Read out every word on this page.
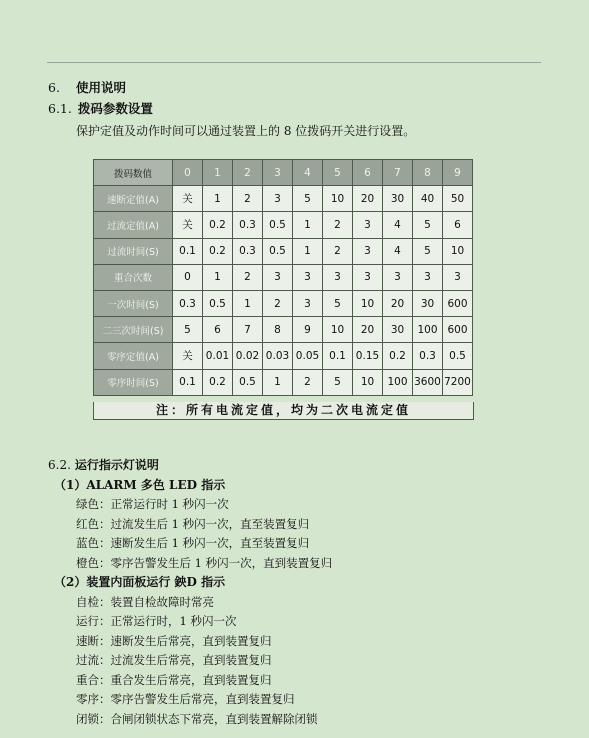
6. 使用说明
6.1. 拨码参数设置
保护定值及动作时间可以通过装置上的 8 位拨码开关进行设置。
拨码数值	0	1	2	3	4	5	6	7	8	9
速断定值(A)	关	1	2	3	5	10	20	30	40	50
过流定值(A)	关	0.2	0.3	0.5	1	2	3	4	5	6
过流时间(S)	0.1	0.2	0.3	0.5	1	2	3	4	5	10
重合次数	0	1	2	3	3	3	3	3	3	3
一次时间(S)	0.3	0.5	1	2	3	5	10	20	30	600
二三次时间(S)	5	6	7	8	9	10	20	30	100	600
零序定值(A)	关	0.01	0.02	0.03	0.05	0.1	0.15	0.2	0.3	0.5
零序时间(S)	0.1	0.2	0.5	1	2	5	10	100	3600	7200
注：所有电流定值，均为二次电流定值
6.2. 运行指示灯说明
（1）ALARM 多色 LED 指示
绿色：正常运行时 1 秒闪一次
红色：过流发生后 1 秒闪一次，直至装置复归
蓝色：速断发生后 1 秒闪一次，直至装置复归
橙色：零序告警发生后 1 秒闪一次，直到装置复归
（2）装置内面板运行 鉠D 指示
自检：装置自检故障时常亮
运行：正常运行时，1 秒闪一次
速断：速断发生后常亮，直到装置复归
过流：过流发生后常亮，直到装置复归
重合：重合发生后常亮，直到装置复归
零序：零序告警发生后常亮，直到装置复归
闭锁：合闸闭锁状态下常亮，直到装置解除闭锁
